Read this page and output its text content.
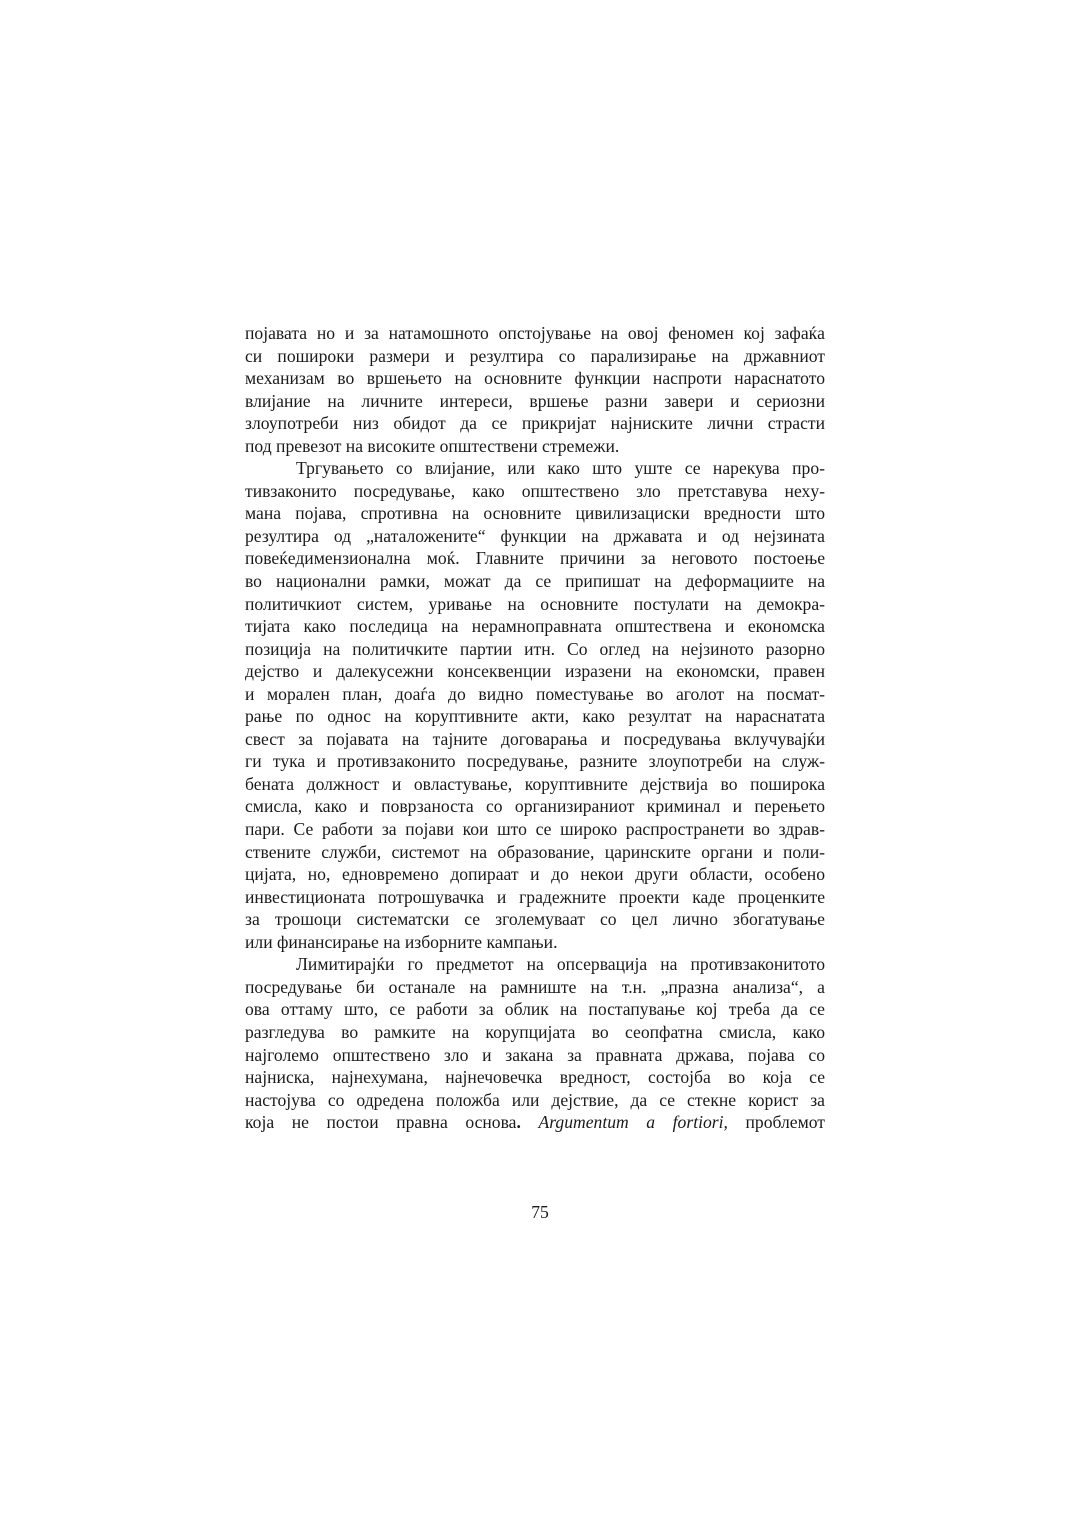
појавата но и за натамошното опстојување на овој феномен кој зафаќа
си пошироки размери и резултира со парализирање на државниот
механизам во вршењето на основните функции наспроти нараснатото
влијание на личните интереси, вршење разни завери и сериозни
злоупотреби низ обидот да се прикријат најниските лични страсти
под превезот на високите општествени стремежи.
Тргувањето со влијание, или како што уште се нарекува про-
тивзаконито посредување, како општествено зло претставува нехy-
мана појава, спротивна на основните цивилизациски вредности што
резултира од „наталожените“ функции на државата и од нејзината
повеќедимензионална моќ. Главните причини за неговото постоење
во национални рамки, можат да се припишат на деформациите на
политичкиот систем, уривање на основните постулати на демокра-
тијата како последица на нерамноправната општествена и економска
позиција на политичките партии итн. Со оглед на нејзиното разорно
дејство и далекусежни консеквенции изразени на економски, правен
и морален план, доаѓа до видно поместување во аголот на посмат-
рање по однос на коруптивните акти, како резултат на нараснатата
свест за појавата на тајните договарања и посредувања вклучувајќи
ги тука и противзаконито посредување, разните злоупотреби на служ-
бената должност и овластување, коруптивните дејствија во поширока
смисла, како и поврзаноста со организираниот криминал и перењето
пари. Се работи за појави кои што се широко распространети во здрав-
ствените служби, системот на образование, царинските органи и поли-
цијата, но, едновремено допираат и до некои други области, особено
инвестиционата потрошувачка и градежните проекти каде проценките
за трошоци систематски се зголемуваат со цел лично збогатување
или финансирање на изборните кампањи.
Лимитирајќи го предметот на опсервација на противзаконитото
посредување би останале на рамниште на т.н. „празна анализа“, а
ова оттаму што, се работи за облик на постапување кој треба да се
разгледува во рамките на корупцијата во сеопфатна смисла, како
најголемо општествено зло и закана за правната држава, појава со
најниска, најнехумана, најнечовечка вредност, состојба во која се
настојува со одредена положба или дејствие, да се стекне корист за
која не постои правна основа. Argumentum a fortiori, проблемот
75
